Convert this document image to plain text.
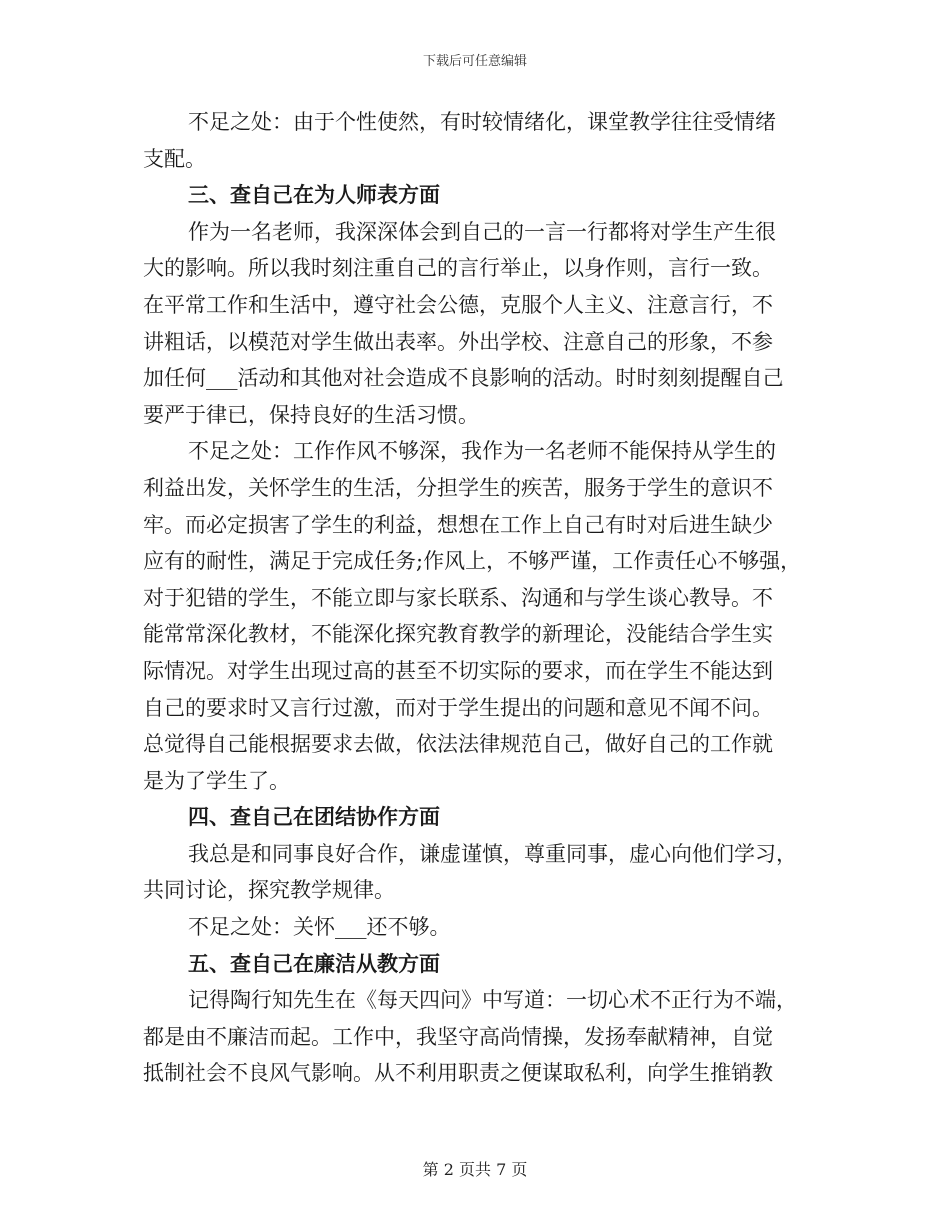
下载后可任意编辑
不足之处：由于个性使然，有时较情绪化，课堂教学往往受情绪
支配。
三、查自己在为人师表方面
作为一名老师，我深深体会到自己的一言一行都将对学生产生很
大的影响。所以我时刻注重自己的言行举止，以身作则，言行一致。
在平常工作和生活中，遵守社会公德，克服个人主义、注意言行，不
讲粗话，以模范对学生做出表率。外出学校、注意自己的形象，不参
加任何___活动和其他对社会造成不良影响的活动。时时刻刻提醒自己
要严于律已，保持良好的生活习惯。
不足之处：工作作风不够深，我作为一名老师不能保持从学生的
利益出发，关怀学生的生活，分担学生的疾苦，服务于学生的意识不
牢。而必定损害了学生的利益，想想在工作上自己有时对后进生缺少
应有的耐性，满足于完成任务;作风上，不够严谨，工作责任心不够强，
对于犯错的学生，不能立即与家长联系、沟通和与学生谈心教导。不
能常常深化教材，不能深化探究教育教学的新理论，没能结合学生实
际情况。对学生出现过高的甚至不切实际的要求，而在学生不能达到
自己的要求时又言行过激，而对于学生提出的问题和意见不闻不问。
总觉得自己能根据要求去做，依法法律规范自己，做好自己的工作就
是为了学生了。
四、查自己在团结协作方面
我总是和同事良好合作，谦虚谨慎，尊重同事，虚心向他们学习，
共同讨论，探究教学规律。
不足之处：关怀___还不够。
五、查自己在廉洁从教方面
记得陶行知先生在《每天四问》中写道：一切心术不正行为不端，
都是由不廉洁而起。工作中，我坚守高尚情操，发扬奉献精神，自觉
抵制社会不良风气影响。从不利用职责之便谋取私利，向学生推销教
第 2 页共 7 页
